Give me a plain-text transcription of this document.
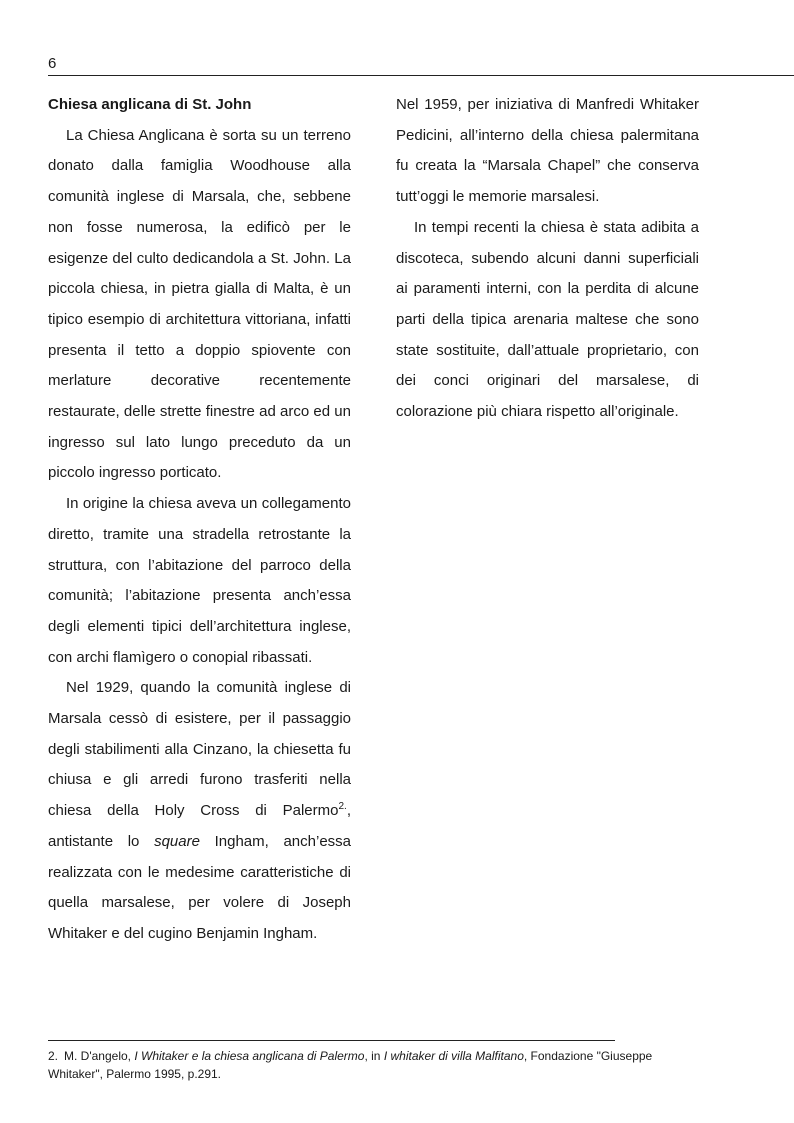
6

Chiesa anglicana di St. John

La Chiesa Anglicana è sorta su un terreno donato dalla famiglia Woodhouse alla comunità inglese di Marsala, che, sebbene non fosse numerosa, la edificò per le esigenze del culto dedicandola a St. John. La piccola chiesa, in pietra gialla di Malta, è un tipico esempio di architettura vittoriana, infatti presenta il tetto a doppio spiovente con merlature decorative recentemente restaurate, delle strette finestre ad arco ed un ingresso sul lato lungo preceduto da un piccolo ingresso porticato.

In origine la chiesa aveva un collegamento diretto, tramite una stradella retrostante la struttura, con l’abitazione del parroco della comunità; l’abitazione presenta anch’essa degli elementi tipici dell’architettura inglese, con archi flamìgero o conopial ribassati.

Nel 1929, quando la comunità inglese di Marsala cessò di esistere, per il passaggio degli stabilimenti alla Cinzano, la chiesetta fu chiusa e gli arredi furono trasferiti nella chiesa della Holy Cross di Palermo$^{2.}$, antistante lo square Ingham, anch’essa realizzata con le medesime caratteristiche di quella marsalese, per volere di Joseph Whitaker e del cugino Benjamin Ingham.

Nel 1959, per iniziativa di Manfredi Whitaker Pedicini, all’interno della chiesa palermitana fu creata la “Marsala Chapel” che conserva tutt’oggi le memorie marsalesi.

In tempi recenti la chiesa è stata adibita a discoteca, subendo alcuni danni superficiali ai paramenti interni, con la perdita di alcune parti della tipica arenaria maltese che sono state sostituite, dall’attuale proprietario, con dei conci originari del marsalese, di colorazione più chiara rispetto all’originale.

2. M. D'angelo, I Whitaker e la chiesa anglicana di Palermo, in I whitaker di villa Malfitano, Fondazione "Giuseppe Whitaker", Palermo 1995, p.291.
